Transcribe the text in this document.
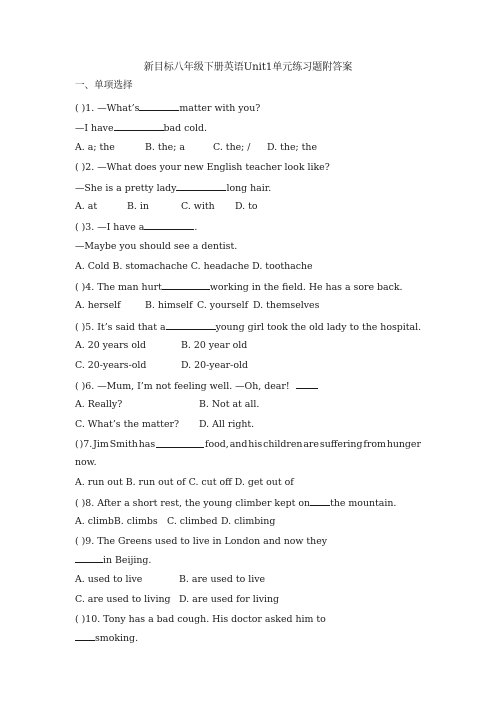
新目标八年级下册英语Unit1单元练习题附答案
一、单项选择
( )1. —What’s	matter with you?
—I have	bad cold.
A. a; the	B. the; a	C. the; / D. the; the
( )2. —What does your new English teacher look like?
—She is a pretty lady	long hair.
A. at	B. in	C. with D. to
( )3. —I have a	.
—Maybe you should see a dentist.
A. Cold B. stomachache C. headache D. toothache
( )4. The man hurt	working in the field. He has a sore back.
A. herself	B. himself C. yourself D. themselves
( )5. It’s said that a	young girl took the old lady to the hospital.
A. 20 years old	B. 20 year old
C. 20-years-old	D. 20-year-old
( )6. —Mum, I’m not feeling well. —Oh, dear!
A. Really?	B. Not at all.
C. What’s the matter? D. All right.
( )7. Jim Smith has	food, and his children are suffering from hunger
now.
A. run out B. run out of C. cut off D. get out of
( )8. After a short rest, the young climber kept on the mountain.
A. climbB. climbs C. climbed D. climbing
( )9. The Greens used to live in London and now they
in Beijing.
A. used to live	B. are used to live
C. are used to living D. are used for living
( )10. Tony has a bad cough. His doctor asked him to
smoking.
